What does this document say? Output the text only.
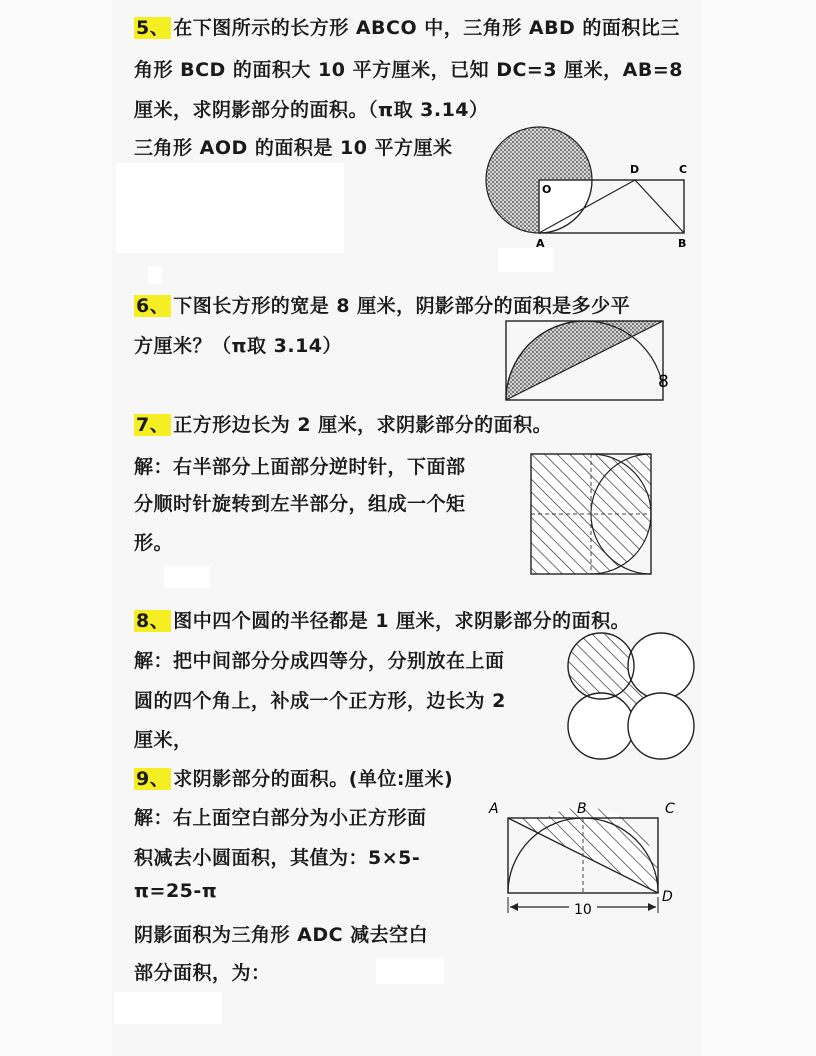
5、 在下图所示的长方形 ABCO 中，三角形 ABD 的面积比三
角形 BCD 的面积大 10 平方厘米，已知 DC=3 厘米，AB=8
厘米，求阴影部分的面积。（π取 3.14）
三角形 AOD 的面积是 10 平方厘米
O
D	C
A	B
6、 下图长方形的宽是 8 厘米，阴影部分的面积是多少平
方厘米？（π取 3.14）
8
7、 正方形边长为 2 厘米，求阴影部分的面积。
解：右半部分上面部分逆时针，下面部
分顺时针旋转到左半部分，组成一个矩
形。
8、 图中四个圆的半径都是 1 厘米，求阴影部分的面积。
解：把中间部分分成四等分，分别放在上面
圆的四个角上，补成一个正方形，边长为 2
厘米，
9、 求阴影部分的面积。(单位:厘米)
解：右上面空白部分为小正方形面
积减去小圆面积，其值为：5×5-
π=25-π
阴影面积为三角形 ADC 减去空白
部分面积，为：
10
A	B	C
D
